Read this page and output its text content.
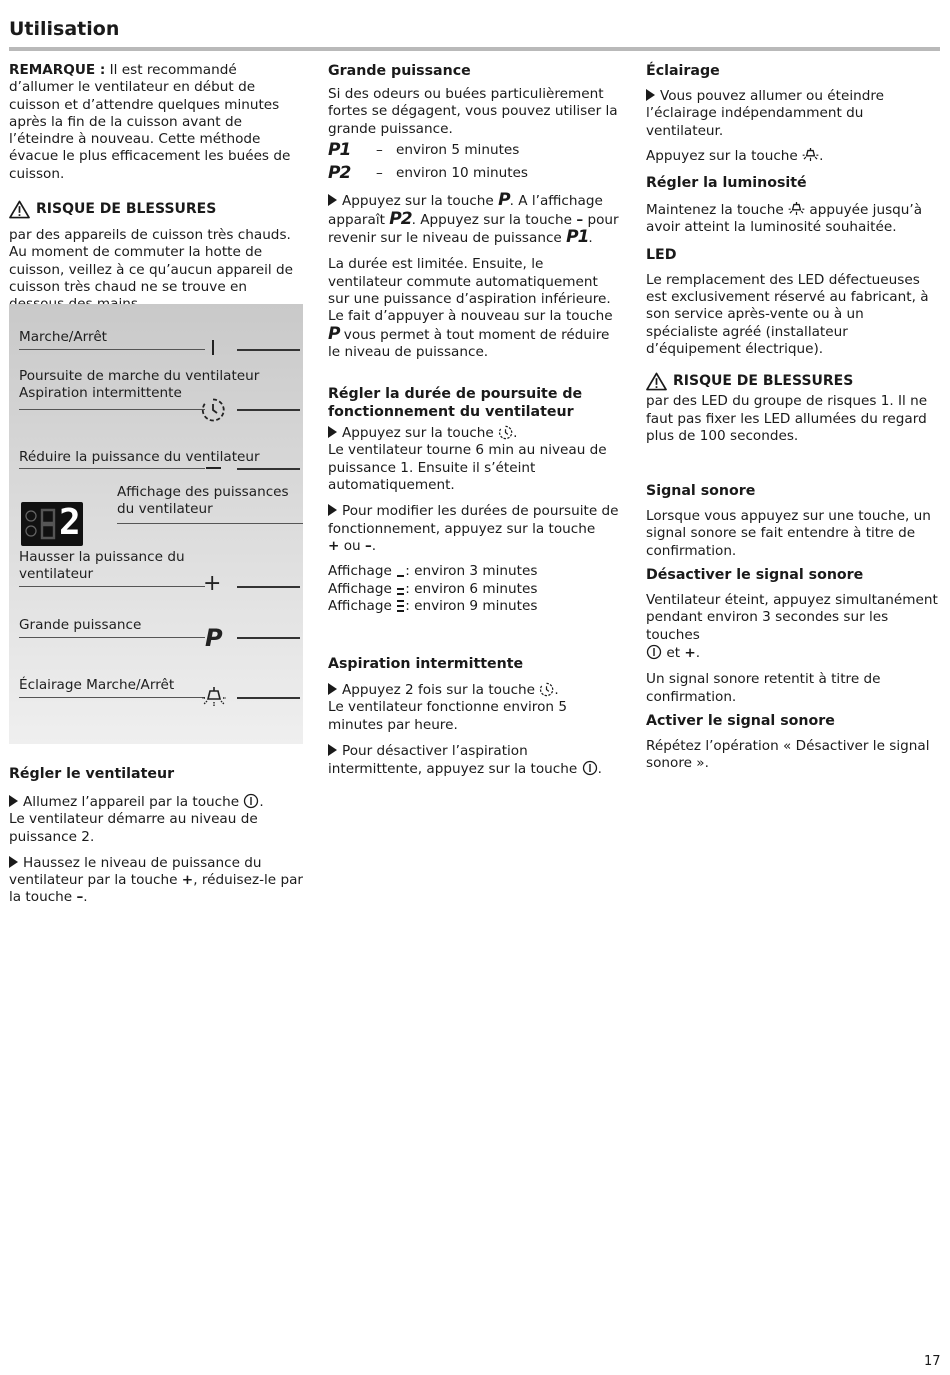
Utilisation

REMARQUE : Il est recommandé d’allumer le ventilateur en début de cuisson et d’attendre quelques minutes après la fin de la cuisson avant de l’éteindre à nouveau. Cette méthode évacue le plus efficacement les buées de cuisson.

RISQUE DE BLESSURES

par des appareils de cuisson très chauds. Au moment de commuter la hotte de cuisson, veillez à ce qu’aucun appareil de cuisson très chaud ne se trouve en

Marche/Arrêt
Poursuite de marche du ventilateur
Aspiration intermittente
Réduire la puissance du ventilateur
Affichage des puissances
du ventilateur
2
Hausser la puissance du
ventilateur	+
Grande puissance	P
Éclairage Marche/Arrêt
Régler le ventilateur

Allumez l’appareil par la touche .
Le ventilateur démarre au niveau de puissance 2.

Haussez le niveau de puissance du ventilateur par la touche +, réduisez-le par la touche –.

Grande puissance

Si des odeurs ou buées particulièrement fortes se dégagent, vous pouvez utiliser la grande puissance.

P1	– environ 5 minutes
P2	– environ 10 minutes

Appuyez sur la touche P. A l’affichage apparaît P2. Appuyez sur la touche – pour revenir sur le niveau de puissance P1.

La durée est limitée. Ensuite, le ventilateur commute automatiquement sur une puissance d’aspiration inférieure. Le fait d’appuyer à nouveau sur la touche P vous permet à tout moment de réduire le niveau de puissance.

Régler la durée de poursuite de fonctionnement du ventilateur

Appuyez sur la touche .
Le ventilateur tourne 6 min au niveau de puissance 1. Ensuite il s’éteint automatiquement.

Pour modifier les durées de poursuite de fonctionnement, appuyez sur la touche
+ ou –.

Affichage : environ 3 minutes
Affichage : environ 6 minutes
Affichage : environ 9 minutes
Aspiration intermittente

Appuyez 2 fois sur la touche .
Le ventilateur fonctionne environ 5 minutes par heure.

Pour désactiver l’aspiration intermittente, appuyez sur la touche .

Éclairage

Vous pouvez allumer ou éteindre l’éclairage indépendamment du ventilateur.

Appuyez sur la touche .

Régler la luminosité

Maintenez la touche appuyée jusqu’à avoir atteint la luminosité souhaitée.

LED

Le remplacement des LED défectueuses est exclusivement réservé au fabricant, à son service après-vente ou à un spécialiste agréé (installateur d’équipement électrique).

RISQUE DE BLESSURES

par des LED du groupe de risques 1. Il ne faut pas fixer les LED allumées du regard plus de 100 secondes.

Signal sonore

Lorsque vous appuyez sur une touche, un signal sonore se fait entendre à titre de confirmation.

Désactiver le signal sonore

Ventilateur éteint, appuyez simultanément pendant environ 3 secondes sur les touches
et +.

Un signal sonore retentit à titre de confirmation.

Activer le signal sonore

Répétez l’opération « Désactiver le signal sonore ».

17
